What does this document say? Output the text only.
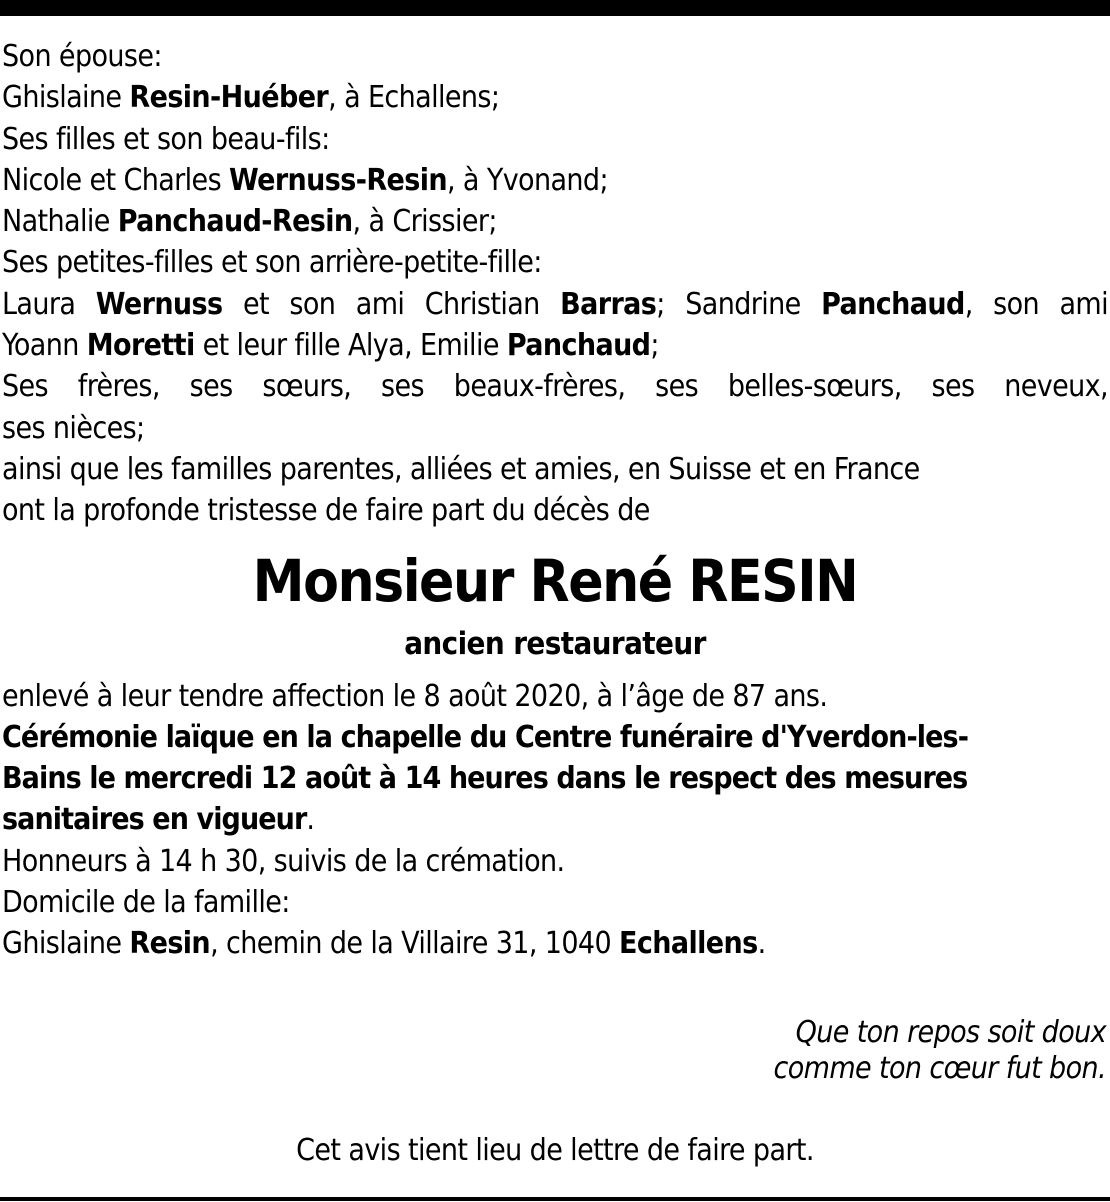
Son épouse:
Ghislaine Resin-Huéber, à Echallens;
Ses filles et son beau-fils:
Nicole et Charles Wernuss-Resin, à Yvonand;
Nathalie Panchaud-Resin, à Crissier;
Ses petites-filles et son arrière-petite-fille:
Laura Wernuss et son ami Christian Barras; Sandrine Panchaud, son ami
Yoann Moretti et leur fille Alya, Emilie Panchaud;
Ses frères, ses sœurs, ses beaux-frères, ses belles-sœurs, ses neveux,
ses nièces;
ainsi que les familles parentes, alliées et amies, en Suisse et en France
ont la profonde tristesse de faire part du décès de
Monsieur René RESIN
ancien restaurateur
enlevé à leur tendre affection le 8 août 2020, à l’âge de 87 ans.
Cérémonie laïque en la chapelle du Centre funéraire d'Yverdon-les-
Bains le mercredi 12 août à 14 heures dans le respect des mesures
sanitaires en vigueur.
Honneurs à 14 h 30, suivis de la crémation.
Domicile de la famille:
Ghislaine Resin, chemin de la Villaire 31, 1040 Echallens.
Que ton repos soit doux
comme ton cœur fut bon.
Cet avis tient lieu de lettre de faire part.
